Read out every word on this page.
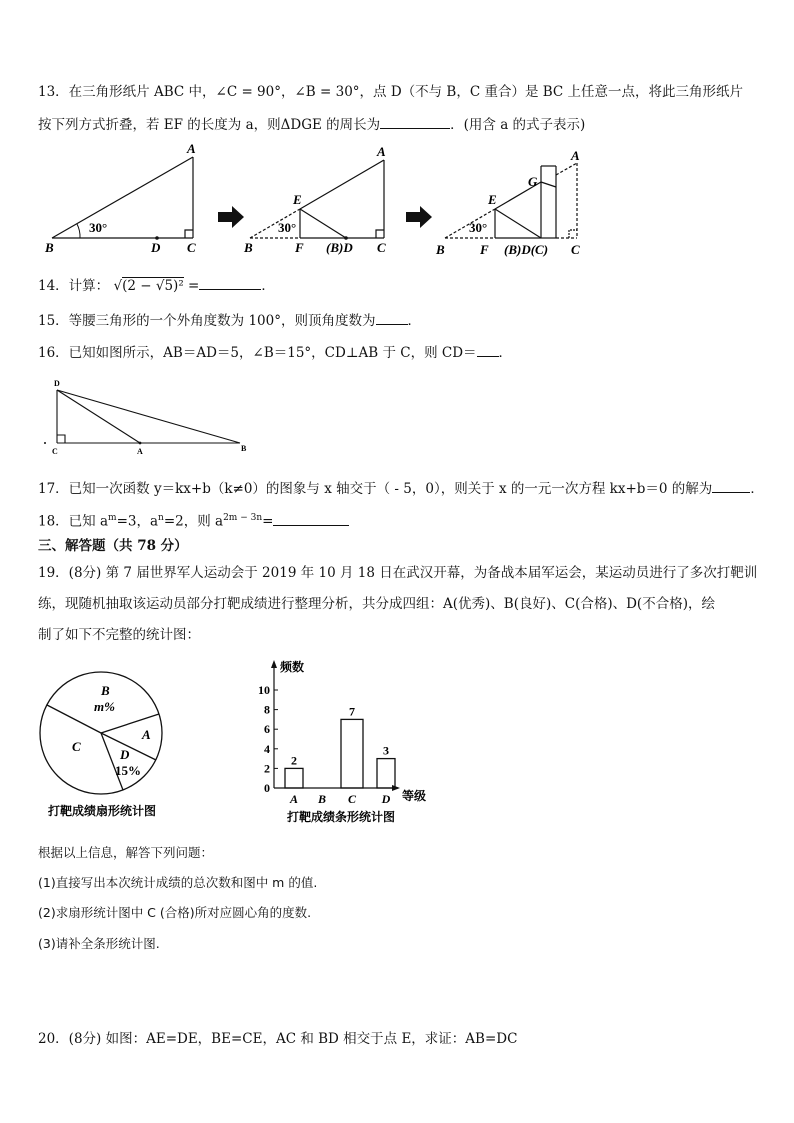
13．在三角形纸片 ABC 中，∠C = 90°，∠B = 30°，点 D（不与 B，C 重合）是 BC 上任意一点，将此三角形纸片
按下列方式折叠，若 EF 的长度为 a，则ΔDGE 的周长为	．(用含 a 的式子表示)
A
B	C
D
30°
A
E
B	F (B)D C
30°
A
G
E
B	F (B)D(C) C
30°
14．计算： √(2 − √5)² =	．
15．等腰三角形的一个外角度数为 100°，则顶角度数为 ．
16．已知如图所示，AB＝AD＝5，∠B＝15°，CD⊥AB 于 C，则 CD＝ ．
D
C	A	B
17．已知一次函数 y＝kx+b（k≠0）的图象与 x 轴交于（ - 5，0），则关于 x 的一元一次方程 kx+b＝0 的解为	．
18．已知 $a^m=3$，$a^n=2$，则 $a^{2m - 3n}=$
三、解答题（共 78 分）
19．(8分) 第 7 届世界军人运动会于 2019 年 10 月 18 日在武汉开幕，为备战本届军运会，某运动员进行了多次打靶训
练，现随机抽取该运动员部分打靶成绩进行整理分析，共分成四组：A(优秀)、B(良好)、C(合格)、D(不合格)，绘
制了如下不完整的统计图：
B
m%
A
C
D
15%
打靶成绩扇形统计图
频数
等级
0
2
4
6
8
10
A
2
B C
7
D
3
打靶成绩条形统计图
根据以上信息，解答下列问题：
(1)直接写出本次统计成绩的总次数和图中 m 的值.
(2)求扇形统计图中 C (合格)所对应圆心角的度数.
(3)请补全条形统计图.
20．(8分) 如图：AE=DE，BE=CE，AC 和 BD 相交于点 E，求证：AB=DC
